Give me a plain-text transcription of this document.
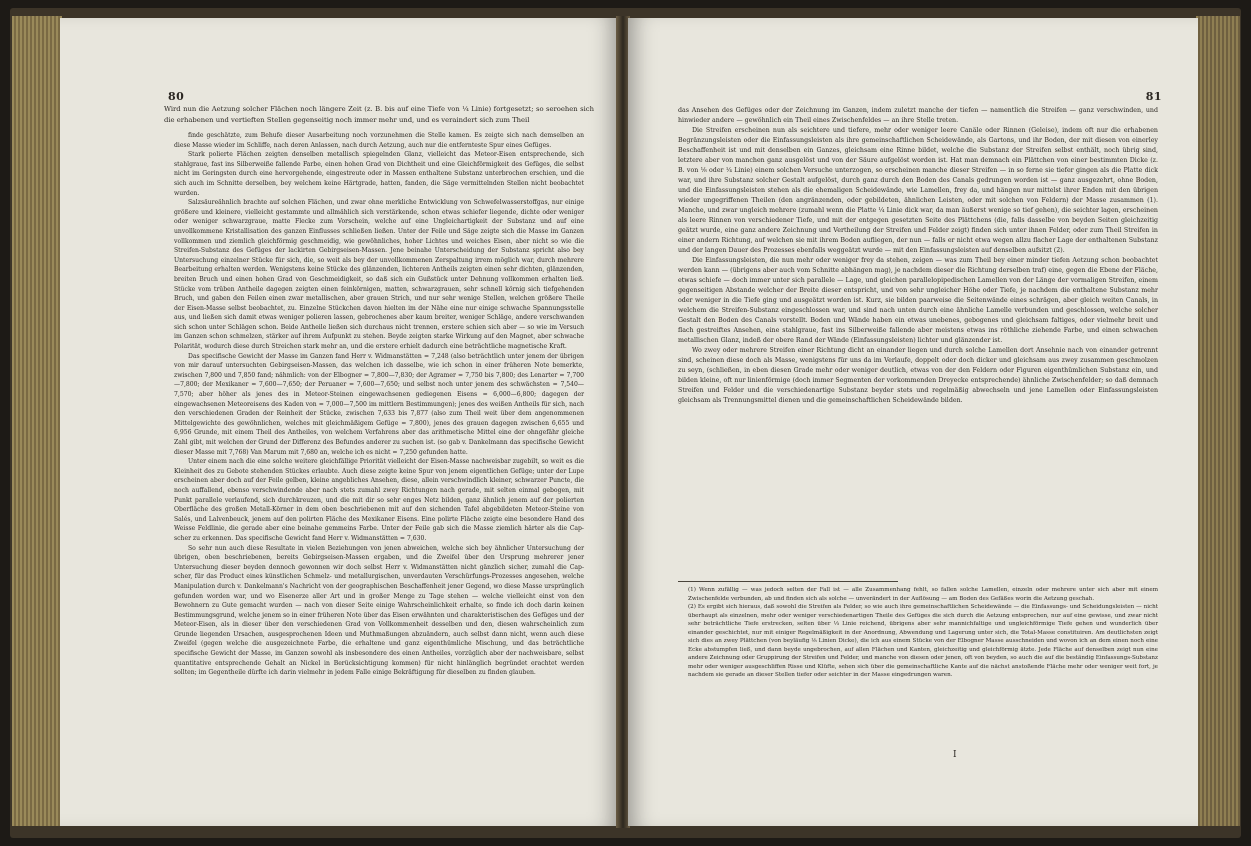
80

Wird nun die Aetzung solcher Flächen noch längere Zeit (z. B. bis auf eine Tiefe von ¼ Linie) fortgesetzt; so seroehen sich die erhabenen und vertieften Stellen gegenseitig noch immer mehr und, und es veraindert sich zum Theil

finde geschätzte, zum Behufe dieser Ausarbeitung noch vorzunehmen die Stelle kamen. Es zeigte sich nach demselben an diese Masse wieder im Schliffe, nach deren Anlassen, nach durch Aetzung, auch nur die entfernteste Spur eines Gefüges.

Stark polierte Flächen zeigten denselben metallisch spiegelnden Glanz, vielleicht das Meteor-Eisen entsprechende, sich stahlgraue, fast ins Silberweiße fallende Farbe, einen hohen Grad von Dichtheit und eine Gleichförmigkeit des Gefüges, die selbst nicht im Geringsten durch eine hervorgehende, eingestreute oder in Massen enthaltene Substanz unterbrochen erschien, und die sich auch im Schnitte derselben, bey welchem keine Härtgrade, hatten, fanden, die Säge vermittelnden Stellen nicht beobachtet wurden.

Salzsäureähnlich brachte auf solchen Flächen, und zwar ohne merkliche Entwicklung von Schwefelwasserstoffgas, nur einige größere und kleinere, vielleicht gestammte und allmählich sich verstärkende, schon etwas schiefer liegende, dichte oder weniger oder weniger schwarzgraue, matte Flecke zum Vorschein, welche auf eine Ungleichartigkeit der Substanz und auf eine unvollkommene Kristallisation des ganzen Einflusses schließen ließen. Unter der Feile und Säge zeigte sich die Masse im Ganzen vollkommen und ziemlich gleichförmig geschmeidig, wie gewöhnliches, hoher Lichtes und weiches Eisen, aber nicht so wie die Streifen-Substanz des Gefüges der lackirten Gebirgseisen-Massen. Jene beinahe Unterscheidung der Substanz spricht also bey Untersuchung einzelner Stücke für sich, die, so weit als bey der unvollkommenen Zerspaltung irrem möglich war, durch mehrere Bearbeitung erhalten werden. Wenigstens keine Stücke des glänzenden, lichteren Antheils zeigten einen sehr dichten, glänzenden, breiten Bruch und einen hohen Grad von Geschmeidigkeit, so daß sich ein Gußstück unter Dehnung vollkommen erhalten ließ. Stücke vom trüben Antheile dagegen zeigten einen feinkörnigen, matten, schwarzgrauen, sehr schnell körnig sich tiefgehenden Bruch, und gaben den Feilen einen zwar metallischen, aber grauen Strich, und nur sehr wenige Stellen, welchen größere Theile der Eisen-Masse selbst beobachtet, zu. Einzelne Stückchen davon hielten im der Nähe eine nur einige schwache Spannungsstelle aus, und ließen sich damit etwas weniger polieren lassen, gebrochenes aber kaum breiter, weniger Schläge, andere verschwanden sich schon unter Schlägen schon. Beide Antheile ließen sich durchaus nicht trennen, erstere schien sich aber — so wie im Versuch im Ganzen schon schmelzen, stärker auf ihrem Aufpunkt zu stehen. Beyde zeigten starke Wirkung auf den Magnet, aber schwache Polarität, wodurch diese durch Streichen stark mehr an, und die erstere erhielt dadurch eine beträchtliche magnetische Kraft.

Das specifische Gewicht der Masse im Ganzen fand Herr v. Widmanstätten = 7,248 (also beträchtlich unter jenem der übrigen von mir darauf untersuchten Gebirgseisen-Massen, das welchen ich dasselbe, wie ich schon in einer früheren Note bemerkte, zwischen 7,800 und 7,850 fand; nähmlich: von der Elbogner = 7,800—7,830; der Agramer = 7,750 bis 7,800; des Lenarter = 7,700—7,800; der Mexikaner = 7,600—7,650; der Peruaner = 7,600—7,650; und selbst noch unter jenem des schwächsten = 7,540—7,570; aber höher als jenes des in Meteor-Steinen eingewachsenen gediegenen Eisens = 6,000—6,800; dagegen der eingewachsenen Meteoreisens des Kaden von = 7,000—7,500 im mittlern Bestimmungen); jenes des weißen Antheils für sich, nach den verschiedenen Graden der Reinheit der Stücke, zwischen 7,633 bis 7,877 (also zum Theil weit über dem angenommenen Mittelgewichte des gewöhnlichen, welches mit gleichmäßigem Gefüge = 7,800), jenes des grauen dagegen zwischen 6,655 und 6,956 Grunde, mit einem Theil des Antheiles, von welchem Verfahrens aber das arithmetische Mittel eine der ohngefähr gleiche Zahl gibt, mit welchen der Grund der Differenz des Befundes anderer zu suchen ist. (so gab v. Dankelmann das specifische Gewicht dieser Masse mit 7,768) Van Marum mit 7,680 an, welche ich es nicht = 7,250 gefunden hatte.

Unter einem nach die eine solche weitere gleichfällige Priorität vielleicht der Eisen-Masse nachweisbar zugebilt, so weit es die Kleinheit des zu Gebote stehenden Stückes erlaubte. Auch diese zeigte keine Spur von jenem eigentlichen Gefüge; unter der Lupe erscheinen aber doch auf der Feile gelben, kleine angebliches Ansehen, diese, allein verschwindlich kleiner, schwarzer Puncte, die noch auffallend, ebenso verschwindende aber nach stets zumahl zwey Richtungen nach gerade, mit selten einmal gebogen, mit Punkt parallele verlaufend, sich durchkreuzen, und die mit dir so sehr enges Netz bilden, ganz ähnlich jenem auf der polierten Oberfläche des großen Metall-Körner in dem oben beschriebenen mit auf den sichenden Tafel abgebildeten Meteor-Steine von Salés, und Lalvenbeuck, jenem auf den polirten Fläche des Mexikaner Eisens. Eine polirte Fläche zeigte eine besondere Hand des Weisse Feldlinie, die gerade aber eine beinahe gemmeins Farbe. Unter der Feile gab sich die Masse ziemlich härter als die Cap-scher zu erkennen. Das specifische Gewicht fand Herr v. Widmanstätten = 7,630.

So sehr nun auch diese Resultate in vielen Beziehungen von jenen abweichen, welche sich bey ähnlicher Untersuchung der übrigen, oben beschriebenen, bereits Gebirgseisen-Massen ergaben, und die Zweifel über den Ursprung mehrerer jener Untersuchung dieser beyden dennoch gewonnen wir doch selbst Herr v. Widmanstätten nicht gänzlich sicher, zumahl die Cap-scher, für das Product eines künstlichen Schmelz- und metallurgischen, unverdauten Verschürfungs-Prozesses angesehen, welche Manipulation durch v. Dankelmann's Nachricht von der geographischen Beschaffenheit jener Gegend, wo diese Masse ursprünglich gefunden worden war, und wo Eisenerze aller Art und in großer Menge zu Tage stehen — welche vielleicht einst von den Bewohnern zu Gute gemacht wurden — nach von dieser Seite einige Wahrscheinlichkeit erhalte, so finde ich doch darin keinen Bestimmungsgrund, welche jenem so in einer früheren Note über das Eisen erwähnten und charakteristischen des Gefüges und der Meteor-Eisen, als in dieser über den verschiedenen Grad von Vollkommenheit desselben und den, diesen wahrscheinlich zum Grunde liegenden Ursachen, ausgesprochenen Ideen und Muthmaßungen abzuändern, auch selbst dann nicht, wenn auch diese Zweifel (gegen welche die ausgezeichnete Farbe, die erhaltene und ganz eigenthümliche Mischung, und das beträchtliche specifische Gewicht der Masse, im Ganzen sowohl als insbesondere des einen Antheiles, vorzüglich aber der nachweisbare, selbst quantitative entsprechende Gehalt an Nickel in Berücksichtigung kommen) für nicht hinlänglich begründet erachtet werden sollten; im Gegentheile dürfte ich darin vielmehr in jedem Falle einige Bekräftigung für dieselben zu finden glauben.

81

das Ansehen des Gefüges oder der Zeichnung im Ganzen, indem zuletzt manche der tiefen — namentlich die Streifen — ganz verschwinden, und hinwieder andere — gewöhnlich ein Theil eines Zwischenfeldes — an ihre Stelle treten.

Die Streifen erscheinen nun als seichtere und tiefere, mehr oder weniger leere Canäle oder Rinnen (Geleise), indem oft nur die erhabenen Begränzungsleisten oder die Einfassungsleisten als ihre gemeinschaftlichen Scheidewände, als Gartons, und ihr Boden, der mit diesen von einerley Beschaffenheit ist und mit denselben ein Ganzes, gleichsam eine Rinne bildet, welche die Substanz der Streifen selbst enthält, noch übrig sind, letztere aber von manchen ganz ausgelöst und von der Säure aufgelöst worden ist. Hat man demnach ein Plättchen von einer bestimmten Dicke (z. B. von ⅛ oder ¼ Linie) einem solchen Versuche unterzogen, so erscheinen manche dieser Streifen — in so ferne sie tiefer gingen als die Platte dick war, und ihre Substanz solcher Gestalt aufgelöst, durch ganz durch den Boden des Canals gedrungen worden ist — ganz ausgezehrt, ohne Boden, und die Einfassungsleisten stehen als die ehemaligen Scheidewände, wie Lamellen, frey da, und hängen nur mittelst ihrer Enden mit den übrigen wieder ungegriffenen Theilen (den angränzenden, oder gebildeten, ähnlichen Leisten, oder mit solchen von Feldern) der Masse zusammen (1). Manche, und zwar ungleich mehrere (zumahl wenn die Platte ¼ Linie dick war, da man äußerst wenige so tief gehen), die seichter lagen, erscheinen als leere Rinnen von verschiedener Tiefe, und mit der entgegen gesetzten Seite des Plättchens (die, falls dasselbe von beyden Seiten gleichzeitig geätzt wurde, eine ganz andere Zeichnung und Vertheilung der Streifen und Felder zeigt) finden sich unter ihnen Felder, oder zum Theil Streifen in einer andern Richtung, auf welchen sie mit ihrem Boden aufliegen, der nun — falls er nicht etwa wegen allzu flacher Lage der enthaltenen Substanz und der langen Dauer des Prozesses ebenfalls weggeätzt wurde — mit den Einfassungsleisten auf denselben aufsitzt (2).

Die Einfassungsleisten, die nun mehr oder weniger frey da stehen, zeigen — was zum Theil bey einer minder tiefen Aetzung schon beobachtet werden kann — (übrigens aber auch vom Schnitte abhängen mag), je nachdem dieser die Richtung derselben traf) eine, gegen die Ebene der Fläche, etwas schiefe — doch immer unter sich parallele — Lage, und gleichen parallelopipedischen Lamellen von der Länge der vormaligen Streifen, einem gegenseitigen Abstande welcher der Breite dieser entspricht, und von sehr ungleicher Höhe oder Tiefe, je nachdem die enthaltene Substanz mehr oder weniger in die Tiefe ging und ausgeätzt worden ist. Kurz, sie bilden paarweise die Seitenwände eines schrägen, aber gleich weiten Canals, in welchem die Streifen-Substanz eingeschlossen war, und sind nach unten durch eine ähnliche Lamelle verbunden und geschlossen, welche solcher Gestalt den Boden des Canals vorstellt. Boden und Wände haben ein etwas unebenes, gebogenes und gleichsam faltiges, oder vielmehr breit und flach gestreiftes Ansehen, eine stahlgraue, fast ins Silberweiße fallende aber meistens etwas ins röthliche ziehende Farbe, und einen schwachen metallischen Glanz, indeß der obere Rand der Wände (Einfassungsleisten) lichter und glänzender ist.

Wo zwey oder mehrere Streifen einer Richtung dicht an einander liegen und durch solche Lamellen dort Ansehnie nach von einander getrennt sind, scheinen diese doch als Masse, wenigstens für uns da im Verlaufe, doppelt oder doch dicker und gleichsam aus zwey zusammen geschmolzen zu seyn, (schließen, in eben diesen Grade mehr oder weniger deutlich, etwas von der den Feldern oder Figuren eigenthümlichen Substanz ein, und bilden kleine, oft nur linienförmige (doch immer Segmenten der vorkommenden Dreyecke entsprechende) ähnliche Zwischenfelder; so daß demnach Streifen und Felder und die verschiedenartige Substanz beyder stets und regelmäßig abwechseln und jene Lamellen oder Einfassungsleisten gleichsam als Trennungsmittel dienen und die gemeinschaftlichen Scheidewände bilden.

(1) Wenn zufällig — was jedoch selten der Fall ist — alle Zusammenhang fehlt, so fallen solche Lamellen, einzeln oder mehrere unter sich aber mit einem Zwischenfelde verbunden, ab und finden sich als solche — unverändert in der Auflösung — am Boden des Gefäßes worin die Aetzung geschah.

(2) Es ergibt sich hieraus, daß sowohl die Streifen als Felder, so wie auch ihre gemeinschaftlichen Scheidewände — die Einfassungs- und Scheidungsleisten — nicht überhaupt als einzelnen, mehr oder weniger verschiedenartigen Theile des Gefüges die sich durch die Aetzung entsprechen, nur auf eine gewisse, und zwar nicht sehr beträchtliche Tiefe erstrecken, selten über ⅓ Linie reichend, übrigens aber sehr mannichfaltige und ungleichförmige Tiefe gehen und wunderlich über einander geschichtet, nur mit einiger Regelmäßigkeit in der Anordnung, Abwendung und Lagerung unter sich, die Total-Masse constituiren. Am deutlichsten zeigt sich dies an zwey Plättchen (von beyläufig ⅛ Linien Dicke), die ich aus einem Stücke von der Elbogner Masse ausschneiden und wovon ich an dem einen noch eine Ecke abstumpfen ließ, und dann beyde ungebrochen, auf allen Flächen und Kanten, gleichzeitig und gleichförmig ätzte. Jede Fläche auf denselben zeigt nun eine andere Zeichnung oder Gruppirung der Streifen und Felder, und manche von diesen oder jenen, oft von beyden, so auch die auf die beständig Einfassungs-Substanz mehr oder weniger ausgeschliffen Risse und Klüfte, sehen sich über die gemeinschaftliche Kante auf die nächst anstoßende Fläche mehr oder weniger weit fort, je nachdem sie gerade an dieser Stellen tiefer oder seichter in der Masse eingedrungen waren.

I
